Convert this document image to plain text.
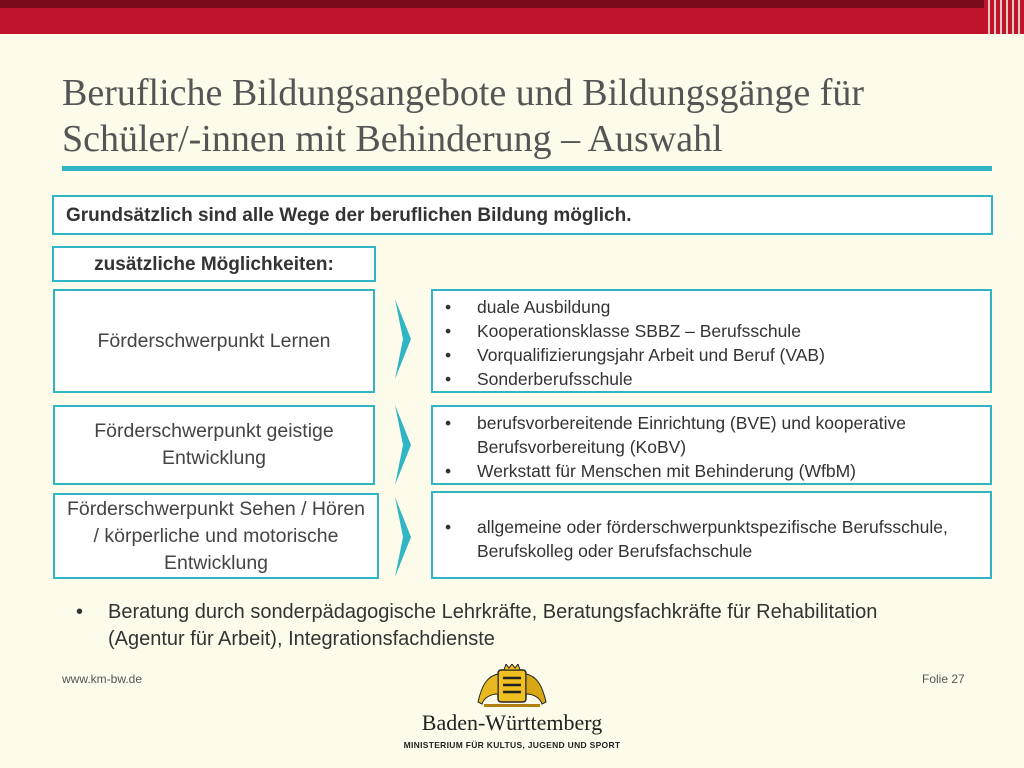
Berufliche Bildungsangebote und Bildungsgänge für Schüler/-innen mit Behinderung – Auswahl
Grundsätzlich sind alle Wege der beruflichen Bildung möglich.
zusätzliche Möglichkeiten:
Förderschwerpunkt Lernen
• duale Ausbildung
• Kooperationsklasse SBBZ – Berufsschule
• Vorqualifizierungsjahr Arbeit und Beruf (VAB)
• Sonderberufsschule
Förderschwerpunkt geistige Entwicklung
• berufsvorbereitende Einrichtung (BVE) und kooperative Berufsvorbereitung (KoBV)
• Werkstatt für Menschen mit Behinderung (WfbM)
Förderschwerpunkt Sehen / Hören / körperliche und motorische Entwicklung
• allgemeine oder förderschwerpunktspezifische Berufsschule, Berufskolleg oder Berufsfachschule
• Beratung durch sonderpädagogische Lehrkräfte, Beratungsfachkräfte für Rehabilitation (Agentur für Arbeit), Integrationsfachdienste
www.km-bw.de	Folie 27
Baden-Württemberg
MINISTERIUM FÜR KULTUS, JUGEND UND SPORT
